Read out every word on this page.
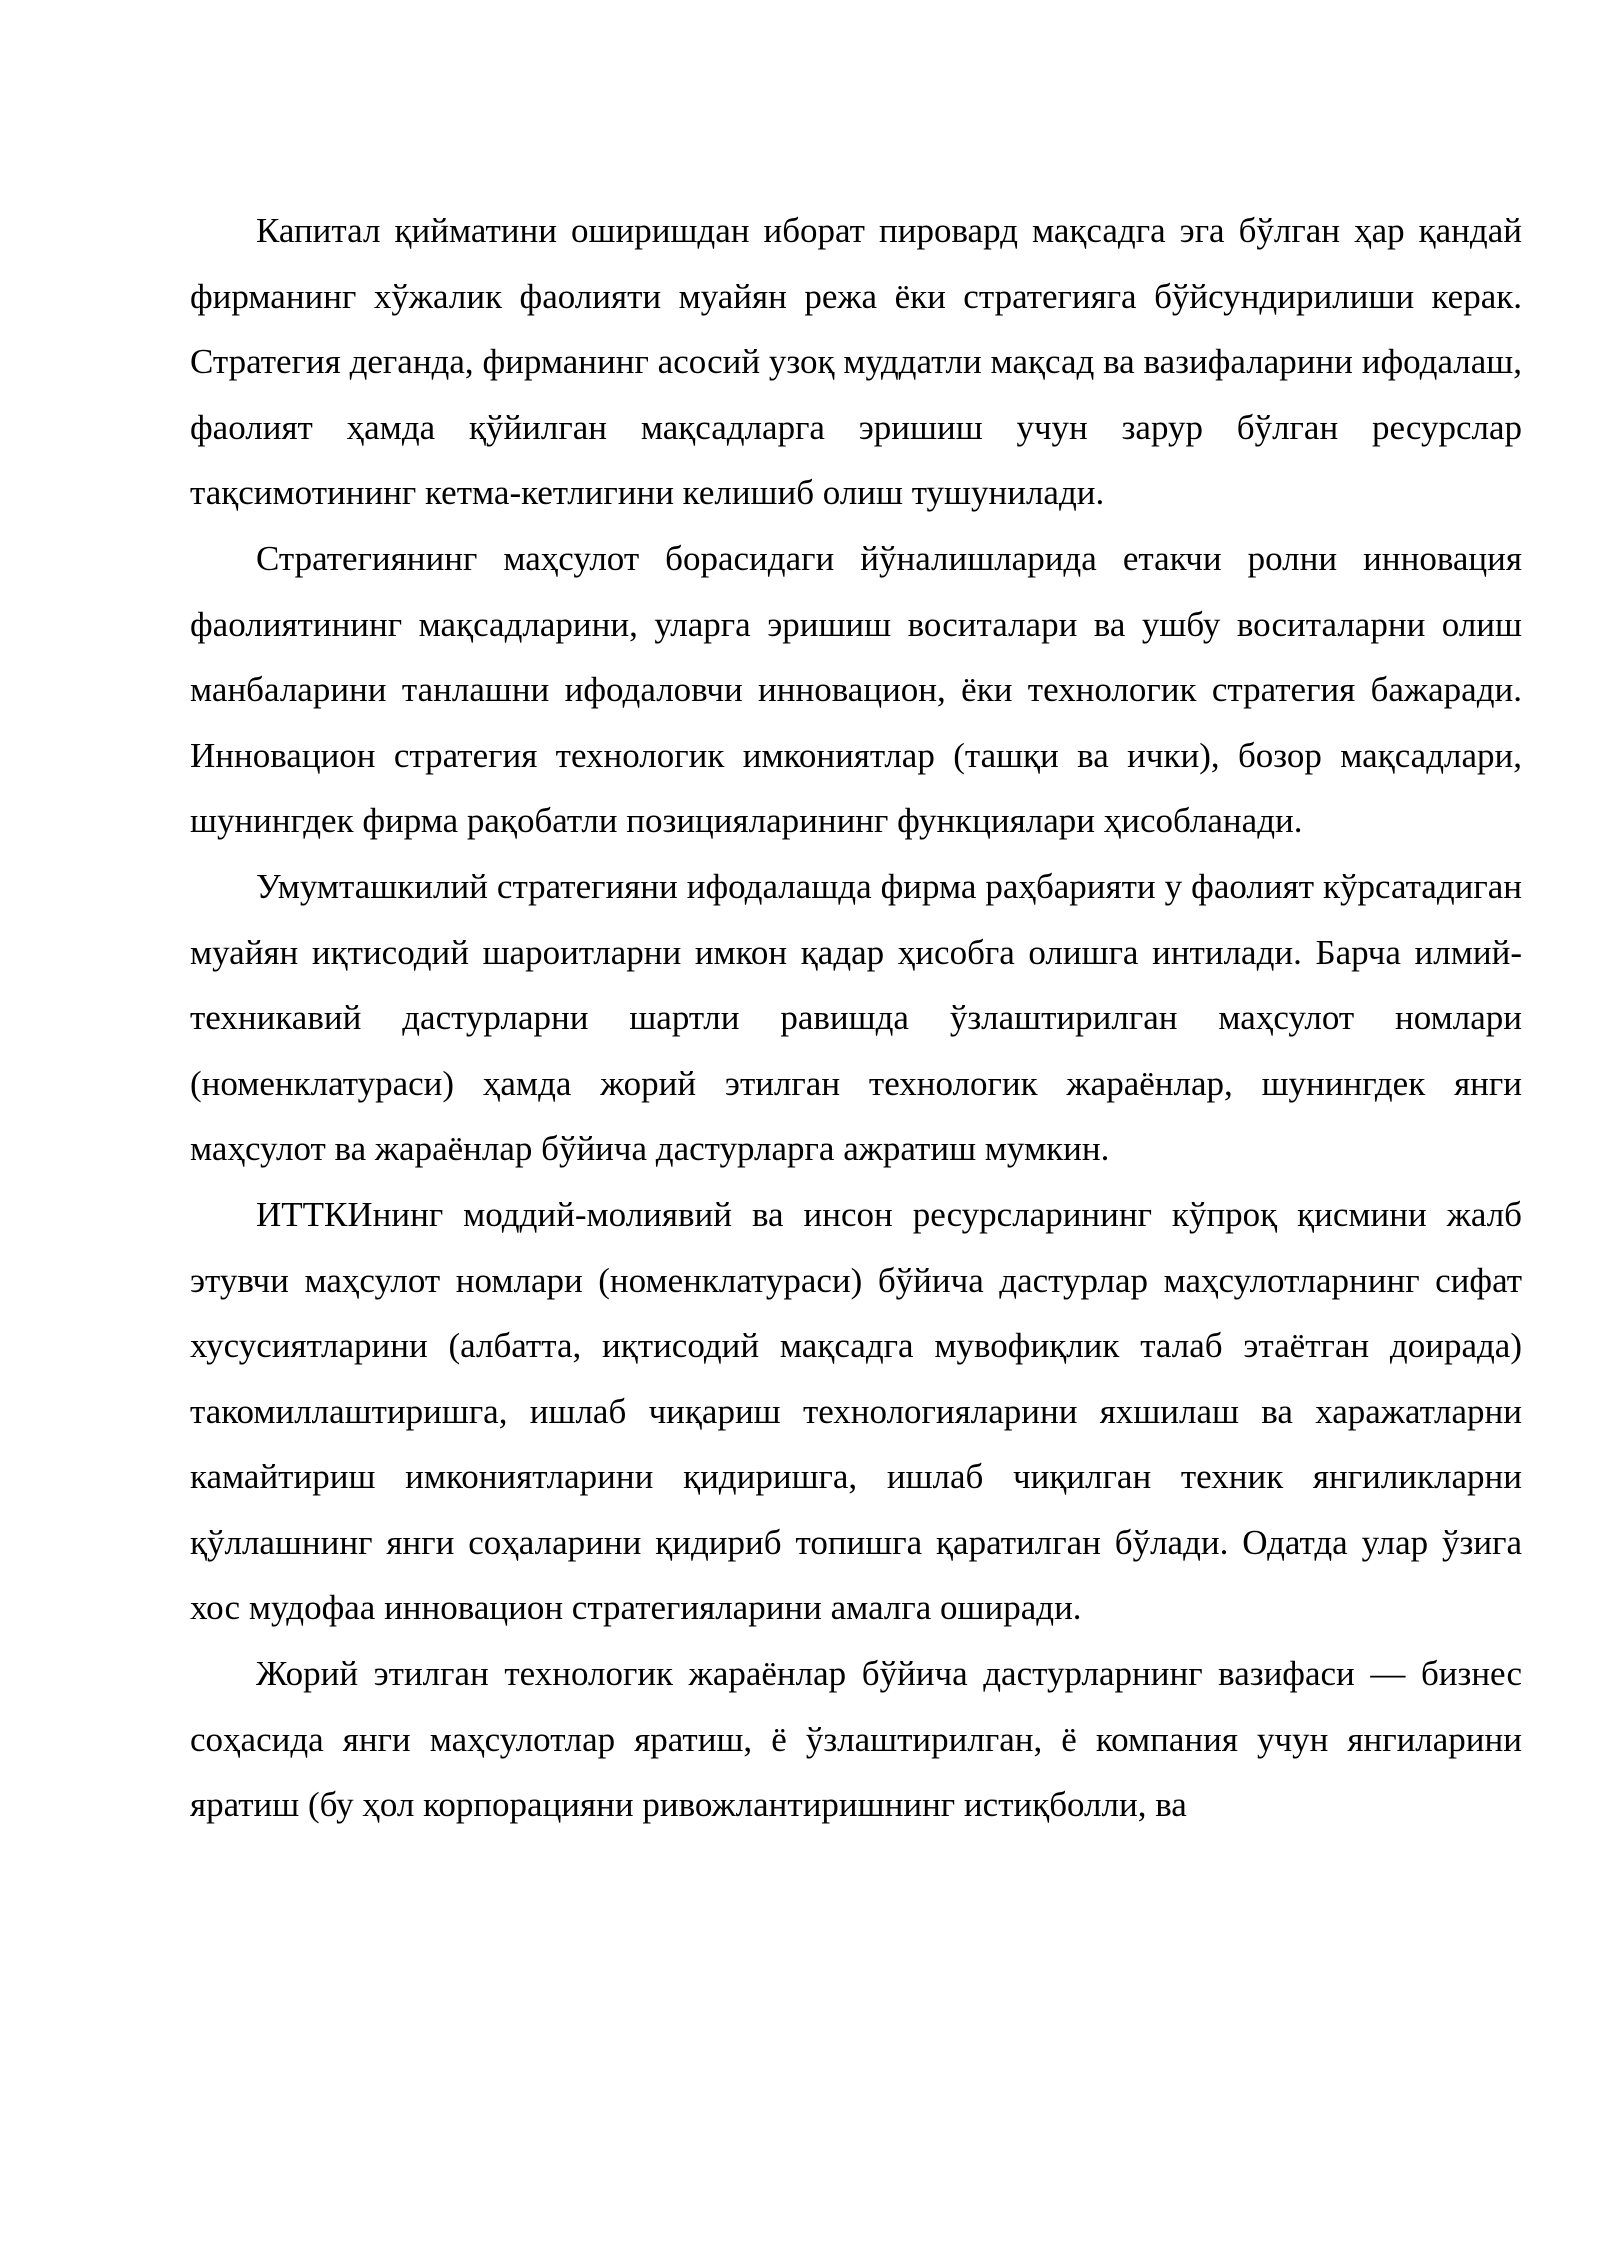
Капитал қийматини оширишдан иборат пировард мақсадга эга бўлган ҳар қандай фирманинг хўжалик фаолияти муайян режа ёки стратегияга бўйсундирилиши керак. Стратегия деганда, фирманинг асосий узоқ муддатли мақсад ва вазифаларини ифодалаш, фаолият ҳамда қўйилган мақсадларга эришиш учун зарур бўлган ресурслар тақсимотининг кетма-кетлигини келишиб олиш тушунилади.

Стратегиянинг маҳсулот борасидаги йўналишларида етакчи ролни инновация фаолиятининг мақсадларини, уларга эришиш воситалари ва ушбу воситаларни олиш манбаларини танлашни ифодаловчи инновацион, ёки технологик стратегия бажаради. Инновацион стратегия технологик имкониятлар (ташқи ва ички), бозор мақсадлари, шунингдек фирма рақобатли позицияларининг функциялари ҳисобланади.

Умумташкилий стратегияни ифодалашда фирма раҳбарияти у фаолият кўрсатадиган муайян иқтисодий шароитларни имкон қадар ҳисобга олишга интилади. Барча илмий-техникавий дастурларни шартли равишда ўзлаштирилган маҳсулот номлари (номенклатураси) ҳамда жорий этилган технологик жараёнлар, шунингдек янги маҳсулот ва жараёнлар бўйича дастурларга ажратиш мумкин.

ИТТКИнинг моддий-молиявий ва инсон ресурсларининг кўпроқ қисмини жалб этувчи маҳсулот номлари (номенклатураси) бўйича дастурлар маҳсулотларнинг сифат хусусиятларини (албатта, иқтисодий мақсадга мувофиқлик талаб этаётган доирада) такомиллаштиришга, ишлаб чиқариш технологияларини яхшилаш ва харажатларни камайтириш имкониятларини қидиришга, ишлаб чиқилган техник янгиликларни қўллашнинг янги соҳаларини қидириб топишга қаратилган бўлади. Одатда улар ўзига хос мудофаа инновацион стратегияларини амалга оширади.

Жорий этилган технологик жараёнлар бўйича дастурларнинг вазифаси — бизнес соҳасида янги маҳсулотлар яратиш, ё ўзлаштирилган, ё компания учун янгиларини яратиш (бу ҳол корпорацияни ривожлантиришнинг истиқболли, ва
